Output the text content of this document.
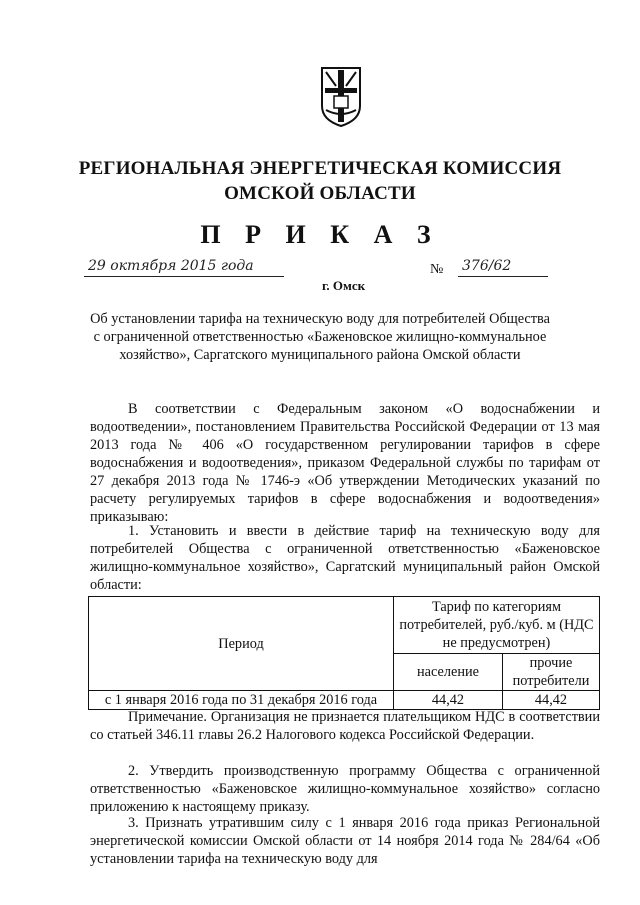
РЕГИОНАЛЬНАЯ ЭНЕРГЕТИЧЕСКАЯ КОМИССИЯ
ОМСКОЙ ОБЛАСТИ
П Р И К А З
29 октября 2015 года
г. Омск
№ 376/62
Об установлении тарифа на техническую воду для потребителей Общества с ограниченной ответственностью «Баженовское жилищно-коммунальное хозяйство», Саргатского муниципального района Омской области
В соответствии с Федеральным законом «О водоснабжении и водоотведении», постановлением Правительства Российской Федерации от 13 мая 2013 года № 406 «О государственном регулировании тарифов в сфере водоснабжения и водоотведения», приказом Федеральной службы по тарифам от 27 декабря 2013 года № 1746-э «Об утверждении Методических указаний по расчету регулируемых тарифов в сфере водоснабжения и водоотведения» приказываю:
1. Установить и ввести в действие тариф на техническую воду для потребителей Общества с ограниченной ответственностью «Баженовское жилищно-коммунальное хозяйство», Саргатский муниципальный район Омской области:
Период	Тариф по категориям потребителей, руб./куб. м (НДС не предусмотрен)	
	население	прочие потребители
с 1 января 2016 года по 31 декабря 2016 года	44,42	44,42
Примечание. Организация не признается плательщиком НДС в соответствии со статьей 346.11 главы 26.2 Налогового кодекса Российской Федерации.
2. Утвердить производственную программу Общества с ограниченной ответственностью «Баженовское жилищно-коммунальное хозяйство» согласно приложению к настоящему приказу.
3. Признать утратившим силу с 1 января 2016 года приказ Региональной энергетической комиссии Омской области от 14 ноября 2014 года № 284/64 «Об установлении тарифа на техническую воду для
